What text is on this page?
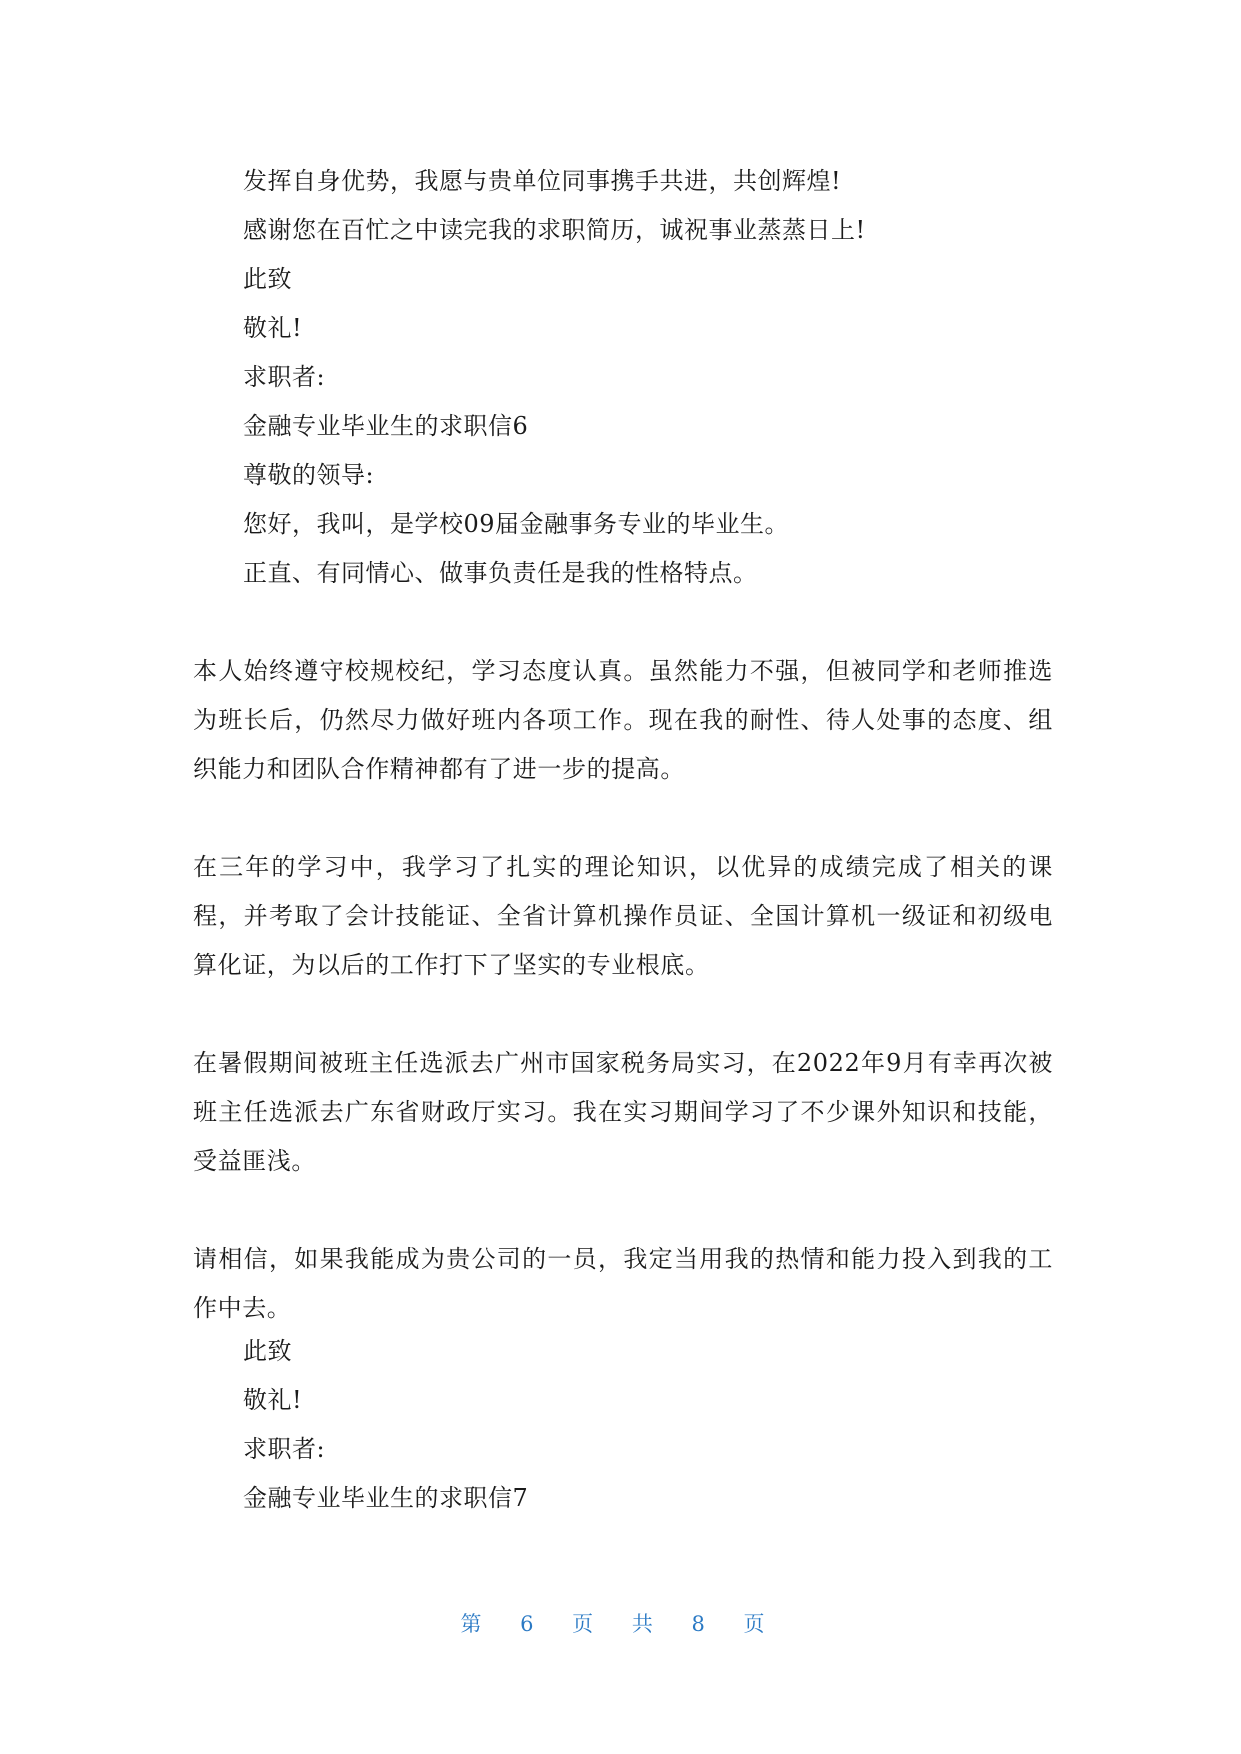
发挥自身优势，我愿与贵单位同事携手共进，共创辉煌!
感谢您在百忙之中读完我的求职简历，诚祝事业蒸蒸日上!
此致
敬礼!
求职者:
金融专业毕业生的求职信6
尊敬的领导:
您好，我叫，是学校09届金融事务专业的毕业生。
正直、有同情心、做事负责任是我的性格特点。
本人始终遵守校规校纪，学习态度认真。虽然能力不强，但被同学和老师推选为班长后，仍然尽力做好班内各项工作。现在我的耐性、待人处事的态度、组织能力和团队合作精神都有了进一步的提高。
在三年的学习中，我学习了扎实的理论知识，以优异的成绩完成了相关的课程，并考取了会计技能证、全省计算机操作员证、全国计算机一级证和初级电算化证，为以后的工作打下了坚实的专业根底。
在暑假期间被班主任选派去广州市国家税务局实习，在2022年9月有幸再次被班主任选派去广东省财政厅实习。我在实习期间学习了不少课外知识和技能，受益匪浅。
请相信，如果我能成为贵公司的一员，我定当用我的热情和能力投入到我的工作中去。
此致
敬礼!
求职者:
金融专业毕业生的求职信7
第 6 页 共 8 页
